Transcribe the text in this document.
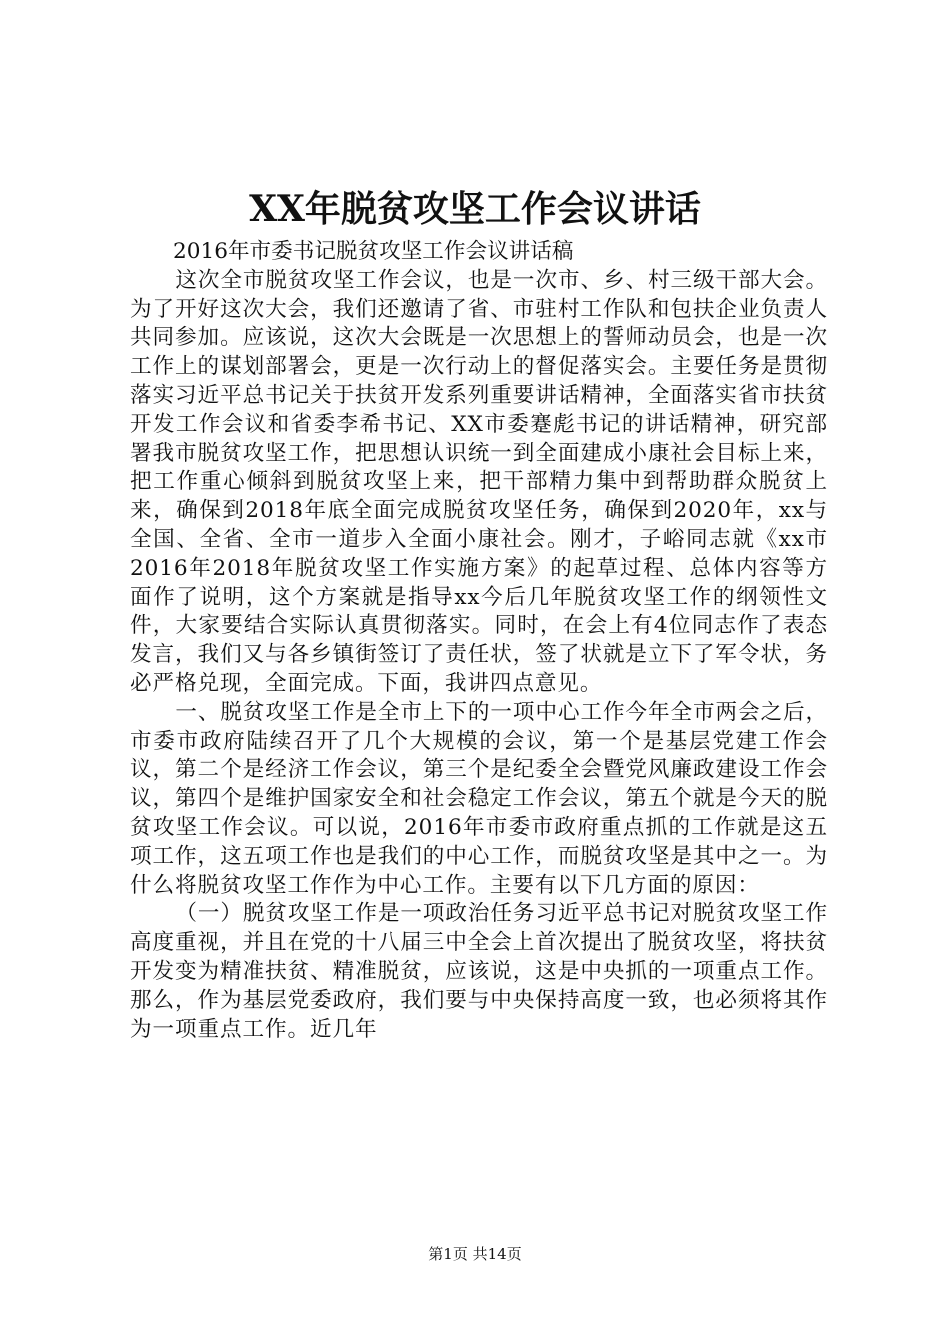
XX年脱贫攻坚工作会议讲话

2016年市委书记脱贫攻坚工作会议讲话稿

这次全市脱贫攻坚工作会议，也是一次市、乡、村三级干部大会。为了开好这次大会，我们还邀请了省、市驻村工作队和包扶企业负责人共同参加。应该说，这次大会既是一次思想上的誓师动员会，也是一次工作上的谋划部署会，更是一次行动上的督促落实会。主要任务是贯彻落实习近平总书记关于扶贫开发系列重要讲话精神，全面落实省市扶贫开发工作会议和省委李希书记、XX市委蹇彪书记的讲话精神，研究部署我市脱贫攻坚工作，把思想认识统一到全面建成小康社会目标上来，把工作重心倾斜到脱贫攻坚上来，把干部精力集中到帮助群众脱贫上来，确保到2018年底全面完成脱贫攻坚任务，确保到2020年，xx与全国、全省、全市一道步入全面小康社会。刚才，子峪同志就《xx市2016年2018年脱贫攻坚工作实施方案》的起草过程、总体内容等方面作了说明，这个方案就是指导xx今后几年脱贫攻坚工作的纲领性文件，大家要结合实际认真贯彻落实。同时，在会上有4位同志作了表态发言，我们又与各乡镇街签订了责任状，签了状就是立下了军令状，务必严格兑现，全面完成。下面，我讲四点意见。

一、脱贫攻坚工作是全市上下的一项中心工作今年全市两会之后，市委市政府陆续召开了几个大规模的会议，第一个是基层党建工作会议，第二个是经济工作会议，第三个是纪委全会暨党风廉政建设工作会议，第四个是维护国家安全和社会稳定工作会议，第五个就是今天的脱贫攻坚工作会议。可以说，2016年市委市政府重点抓的工作就是这五项工作，这五项工作也是我们的中心工作，而脱贫攻坚是其中之一。为什么将脱贫攻坚工作作为中心工作。主要有以下几方面的原因：

（一）脱贫攻坚工作是一项政治任务习近平总书记对脱贫攻坚工作高度重视，并且在党的十八届三中全会上首次提出了脱贫攻坚，将扶贫开发变为精准扶贫、精准脱贫，应该说，这是中央抓的一项重点工作。那么，作为基层党委政府，我们要与中央保持高度一致，也必须将其作为一项重点工作。近几年

第1页 共14页
